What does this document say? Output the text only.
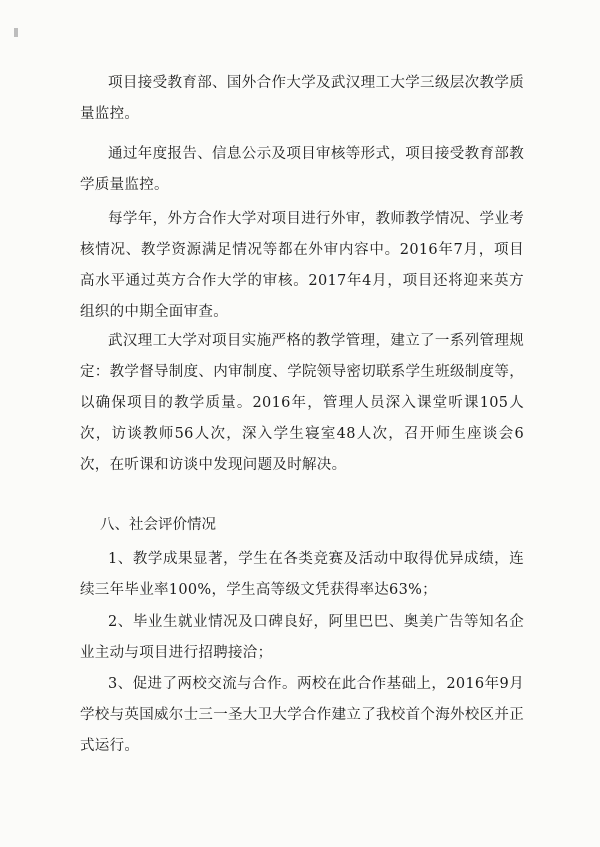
项目接受教育部、国外合作大学及武汉理工大学三级层次教学质量监控。

通过年度报告、信息公示及项目审核等形式，项目接受教育部教学质量监控。

每学年，外方合作大学对项目进行外审，教师教学情况、学业考核情况、教学资源满足情况等都在外审内容中。2016年7月，项目高水平通过英方合作大学的审核。2017年4月，项目还将迎来英方组织的中期全面审查。

武汉理工大学对项目实施严格的教学管理，建立了一系列管理规定：教学督导制度、内审制度、学院领导密切联系学生班级制度等，以确保项目的教学质量。2016年，管理人员深入课堂听课105人次，访谈教师56人次，深入学生寝室48人次，召开师生座谈会6次，在听课和访谈中发现问题及时解决。

八、社会评价情况

1、教学成果显著，学生在各类竞赛及活动中取得优异成绩，连续三年毕业率100%，学生高等级文凭获得率达63%；

2、毕业生就业情况及口碑良好，阿里巴巴、奥美广告等知名企业主动与项目进行招聘接洽；

3、促进了两校交流与合作。两校在此合作基础上，2016年9月学校与英国威尔士三一圣大卫大学合作建立了我校首个海外校区并正式运行。
